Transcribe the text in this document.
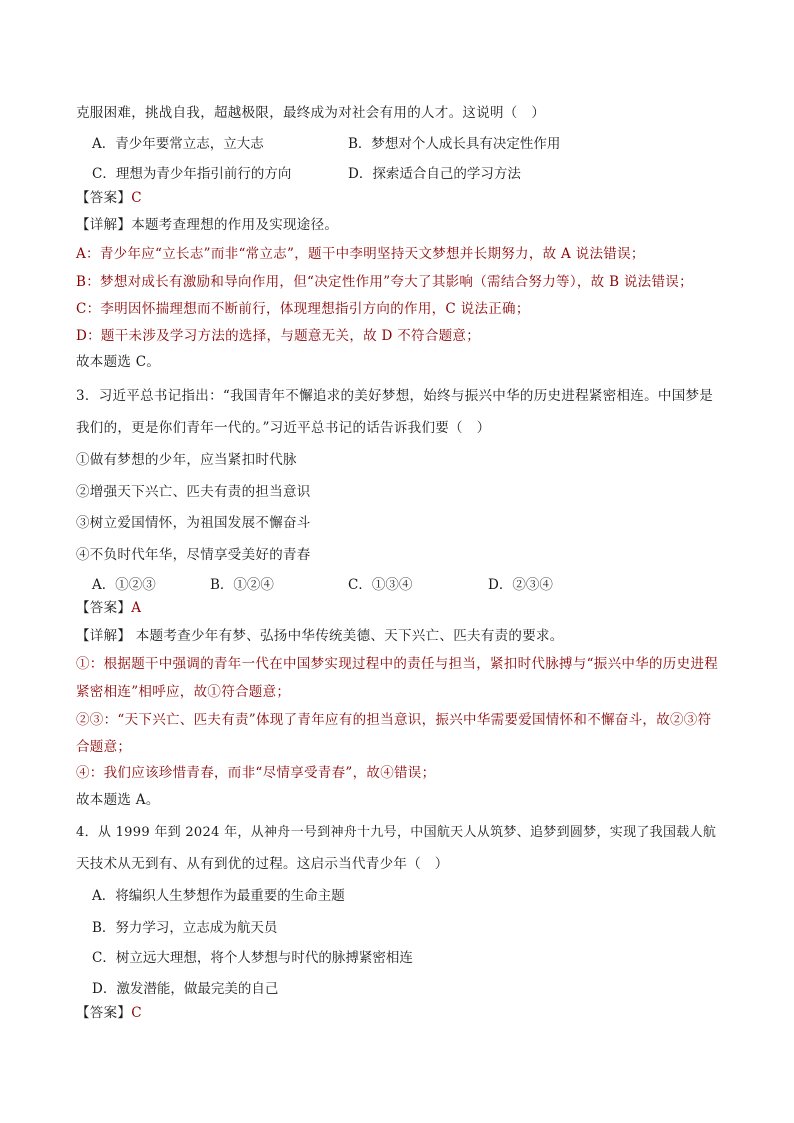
克服困难，挑战自我，超越极限，最终成为对社会有用的人才。这说明（　）
A．青少年要常立志，立大志	B．梦想对个人成长具有决定性作用
C．理想为青少年指引前行的方向	D．探索适合自己的学习方法
【答案】C
【详解】本题考查理想的作用及实现途径。
A：青少年应“立长志”而非“常立志”，题干中李明坚持天文梦想并长期努力，故 A 说法错误；
B：梦想对成长有激励和导向作用，但“决定性作用”夸大了其影响（需结合努力等），故 B 说法错误；
C：李明因怀揣理想而不断前行，体现理想指引方向的作用，C 说法正确；
D：题干未涉及学习方法的选择，与题意无关，故 D 不符合题意；
故本题选 C。
3．习近平总书记指出：“我国青年不懈追求的美好梦想，始终与振兴中华的历史进程紧密相连。中国梦是
我们的，更是你们青年一代的。”习近平总书记的话告诉我们要（　）
①做有梦想的少年，应当紧扣时代脉
②增强天下兴亡、匹夫有责的担当意识
③树立爱国情怀，为祖国发展不懈奋斗
④不负时代年华，尽情享受美好的青春
A．①②③	B．①②④	C．①③④	D．②③④
【答案】A
【详解】 本题考查少年有梦、弘扬中华传统美德、天下兴亡、匹夫有责的要求。
①：根据题干中强调的青年一代在中国梦实现过程中的责任与担当，紧扣时代脉搏与“振兴中华的历史进程
紧密相连”相呼应，故①符合题意；
②③：“天下兴亡、匹夫有责”体现了青年应有的担当意识，振兴中华需要爱国情怀和不懈奋斗，故②③符
合题意；
④：我们应该珍惜青春，而非“尽情享受青春”，故④错误；
故本题选 A。
4．从 1999 年到 2024 年，从神舟一号到神舟十九号，中国航天人从筑梦、追梦到圆梦，实现了我国载人航
天技术从无到有、从有到优的过程。这启示当代青少年（　）
A．将编织人生梦想作为最重要的生命主题
B．努力学习，立志成为航天员
C．树立远大理想，将个人梦想与时代的脉搏紧密相连
D．激发潜能，做最完美的自己
【答案】C
